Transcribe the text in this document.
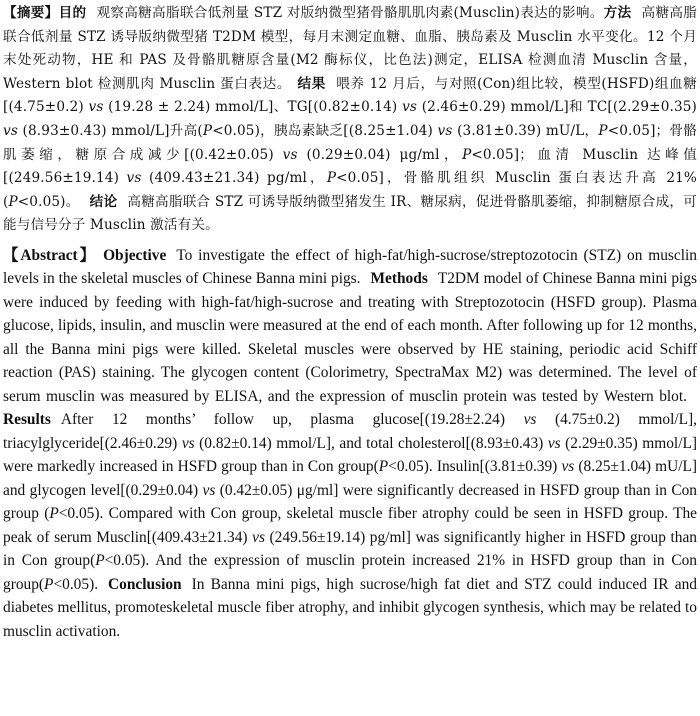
【摘要】目的 观察高糖高脂联合低剂量 STZ 对版纳微型猪骨骼肌肌肉素(Musclin)表达的影响。方法 高糖高脂联合低剂量 STZ 诱导版纳微型猪 T2DM 模型，每月末测定血糖、血脂、胰岛素及 Musclin 水平变化。12 个月末处死动物，HE 和 PAS 及骨骼肌糖原含量(M2 酶标仪，比色法)测定，ELISA 检测血清 Musclin 含量，Western blot 检测肌肉 Musclin 蛋白表达。 结果 喂养 12 月后，与对照(Con)组比较，模型(HSFD)组血糖[(4.75±0.2) vs (19.28 ± 2.24) mmol/L]、TG[(0.82±0.14) vs (2.46±0.29) mmol/L]和 TC[(2.29±0.35) vs (8.93±0.43) mmol/L]升高(P<0.05)，胰岛素缺乏[(8.25±1.04) vs (3.81±0.39) mU/L，P<0.05]；骨骼肌萎缩，糖原合成减少[(0.42±0.05) vs (0.29±0.04) μg/ml，P<0.05]；血清 Musclin 达峰值[(249.56±19.14) vs (409.43±21.34) pg/ml，P<0.05]，骨骼肌组织 Musclin 蛋白表达升高 21%(P<0.05)。 结论 高糖高脂联合 STZ 可诱导版纳微型猪发生 IR、糖尿病，促进骨骼肌萎缩，抑制糖原合成，可能与信号分子 Musclin 激活有关。

【Abstract】 Objective To investigate the effect of high-fat/high-sucrose/streptozotocin (STZ) on musclin levels in the skeletal muscles of Chinese Banna mini pigs. Methods T2DM model of Chinese Banna mini pigs were induced by feeding with high-fat/high-sucrose and treating with Streptozotocin (HSFD group). Plasma glucose, lipids, insulin, and musclin were measured at the end of each month. After following up for 12 months, all the Banna mini pigs were killed. Skeletal muscles were observed by HE staining, periodic acid Schiff reaction (PAS) staining. The glycogen content (Colorimetry, SpectraMax M2) was determined. The level of serum musclin was measured by ELISA, and the expression of musclin protein was tested by Western blot.Results After 12 months’ follow up, plasma glucose[(19.28±2.24) vs (4.75±0.2) mmol/L], triacylglyceride[(2.46±0.29) vs (0.82±0.14) mmol/L], and total cholesterol[(8.93±0.43) vs (2.29±0.35) mmol/L] were markedly increased in HSFD group than in Con group(P<0.05). Insulin[(3.81±0.39) vs (8.25±1.04) mU/L] and glycogen level[(0.29±0.04) vs (0.42±0.05) μg/ml] were significantly decreased in HSFD group than in Con group (P<0.05). Compared with Con group, skeletal muscle fiber atrophy could be seen in HSFD group. The peak of serum Musclin[(409.43±21.34) vs (249.56±19.14) pg/ml] was significantly higher in HSFD group than in Con group(P<0.05). And the expression of musclin protein increased 21% in HSFD group than in Con group(P<0.05). Conclusion In Banna mini pigs, high sucrose/high fat diet and STZ could induced IR and diabetes mellitus, promoteskeletal muscle fiber atrophy, and inhibit glycogen synthesis, which may be related to musclin activation.
